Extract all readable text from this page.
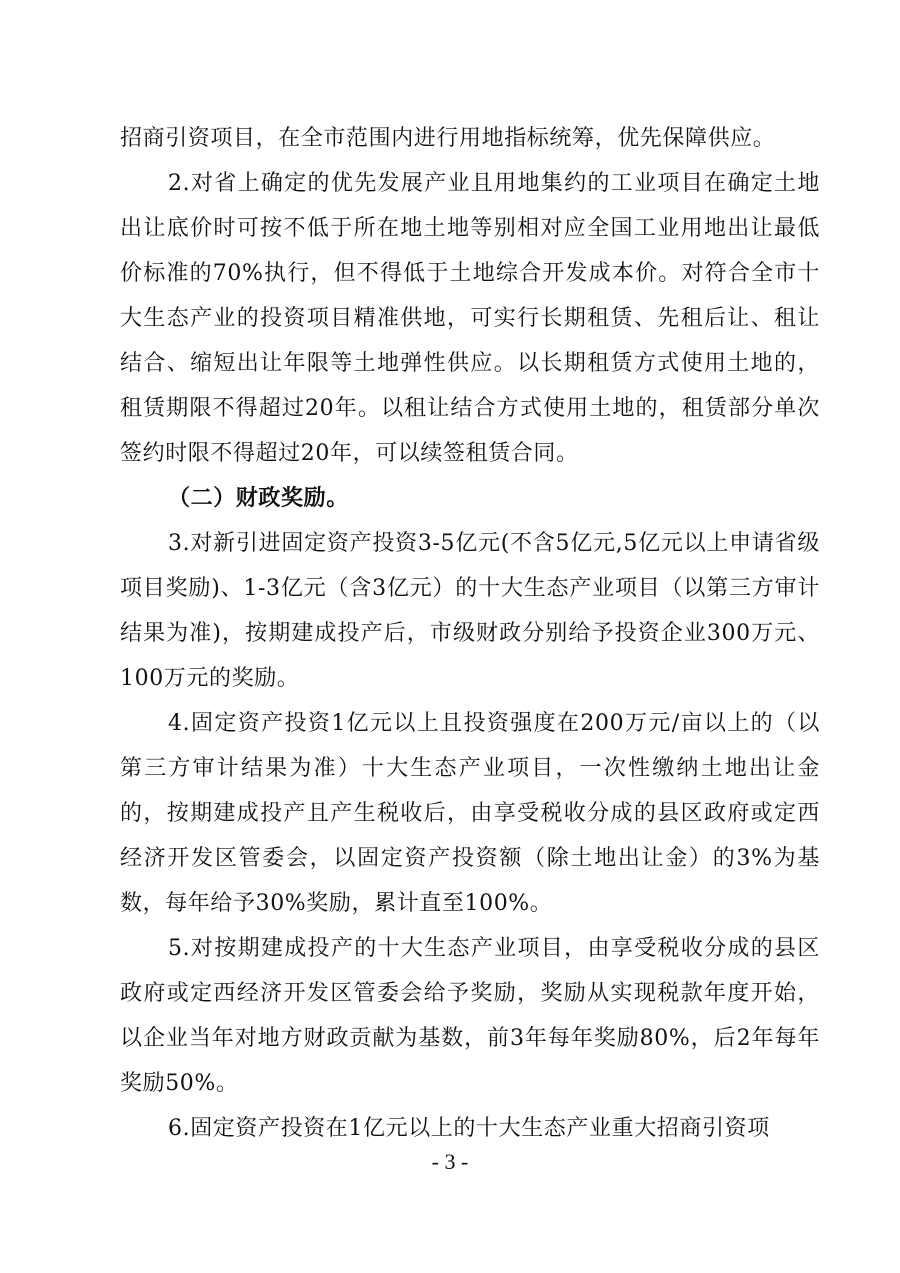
招商引资项目，在全市范围内进行用地指标统筹，优先保障供应。

2.对省上确定的优先发展产业且用地集约的工业项目在确定土地出让底价时可按不低于所在地土地等别相对应全国工业用地出让最低价标准的70%执行，但不得低于土地综合开发成本价。对符合全市十大生态产业的投资项目精准供地，可实行长期租赁、先租后让、租让结合、缩短出让年限等土地弹性供应。以长期租赁方式使用土地的，租赁期限不得超过20年。以租让结合方式使用土地的，租赁部分单次签约时限不得超过20年，可以续签租赁合同。

（二）财政奖励。

3.对新引进固定资产投资3-5亿元(不含5亿元,5亿元以上申请省级项目奖励)、1-3亿元（含3亿元）的十大生态产业项目（以第三方审计结果为准)，按期建成投产后，市级财政分别给予投资企业300万元、100万元的奖励。

4.固定资产投资1亿元以上且投资强度在200万元/亩以上的（以第三方审计结果为准）十大生态产业项目，一次性缴纳土地出让金的，按期建成投产且产生税收后，由享受税收分成的县区政府或定西经济开发区管委会，以固定资产投资额（除土地出让金）的3%为基数，每年给予30%奖励，累计直至100%。

5.对按期建成投产的十大生态产业项目，由享受税收分成的县区政府或定西经济开发区管委会给予奖励，奖励从实现税款年度开始，以企业当年对地方财政贡献为基数，前3年每年奖励80%，后2年每年奖励50%。

6.固定资产投资在1亿元以上的十大生态产业重大招商引资项

- 3 -
